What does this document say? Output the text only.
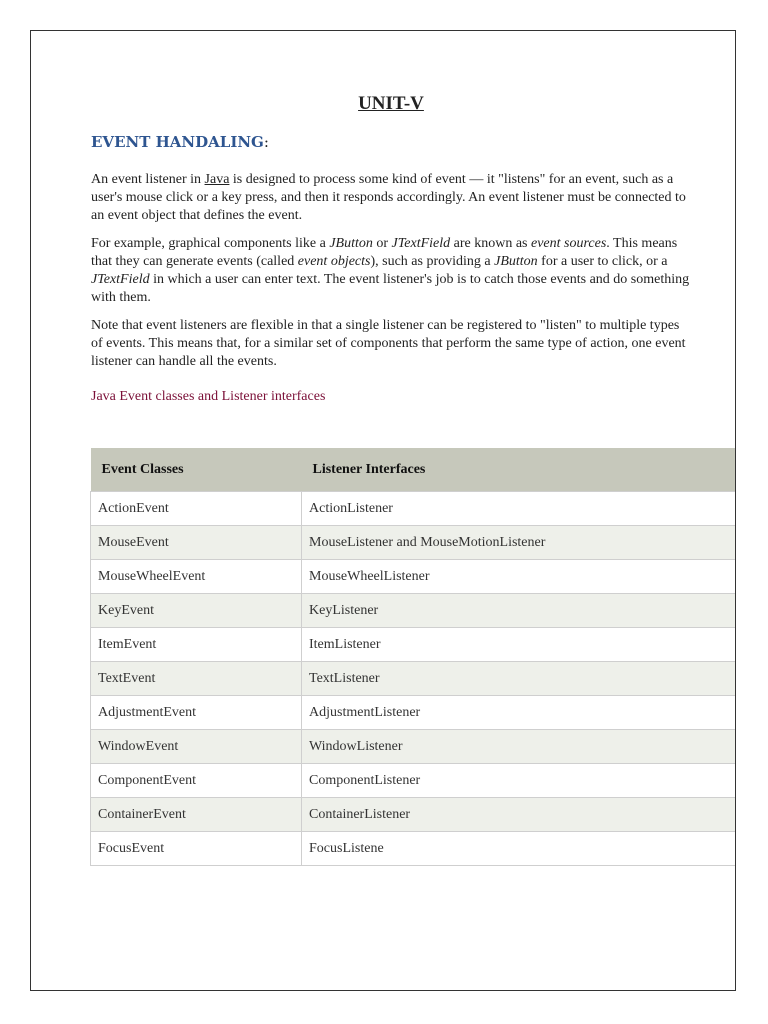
UNIT-V
EVENT HANDALING:

An event listener in Java is designed to process some kind of event — it "listens" for an event, such as a user's mouse click or a key press, and then it responds accordingly. An event listener must be connected to an event object that defines the event.

For example, graphical components like a JButton or JTextField are known as event sources. This means that they can generate events (called event objects), such as providing a JButton for a user to click, or a JTextField in which a user can enter text. The event listener's job is to catch those events and do something with them.

Note that event listeners are flexible in that a single listener can be registered to "listen" to multiple types of events. This means that, for a similar set of components that perform the same type of action, one event listener can handle all the events.

Java Event classes and Listener interfaces
Event Classes	Listener Interfaces
ActionEvent	ActionListener
MouseEvent	MouseListener and MouseMotionListener
MouseWheelEvent	MouseWheelListener
KeyEvent	KeyListener
ItemEvent	ItemListener
TextEvent	TextListener
AdjustmentEvent	AdjustmentListener
WindowEvent	WindowListener
ComponentEvent	ComponentListener
ContainerEvent	ContainerListener
FocusEvent	FocusListene
